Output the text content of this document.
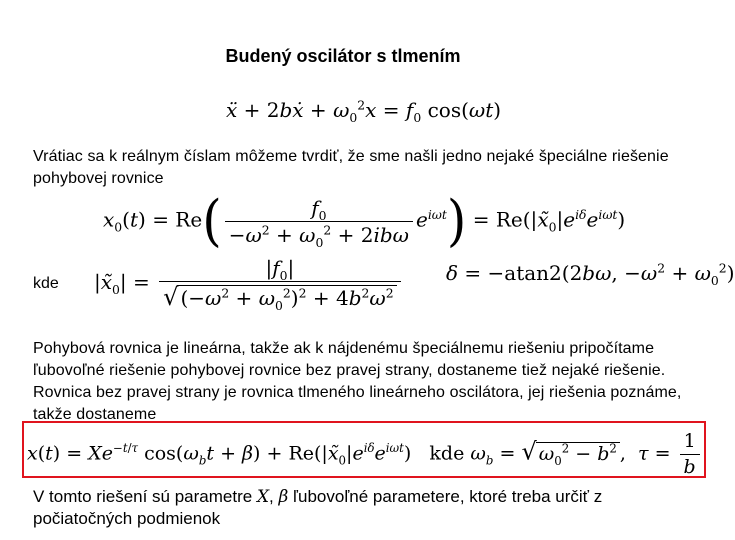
Budený oscilátor s tlmením
ẍ + 2bẋ + $\omega_0^2x = f_0$ cos(ωt)
Vrátiac sa k reálnym číslam môžeme tvrdiť, že sme našli jedno nejaké špeciálne riešenie pohybovej rovnice
$x_0(t) = Re( \frac{f_0}{-\omega^2 + \omega_0^2 + 2ib\omega} e^{i\omega t})$ = $Re(|x̃_0|e^{i\delta}e^{i\omega t})$
kde $|x̃_0| = \frac{|f_0|}{√ (-\omega^2 + \omega_0^2)^2 + 4b^2\omega^2}$ δ = −atan2(2bω, $-\omega^2 + \omega_0^2$)
Pohybová rovnica je lineárna, takže ak k nájdenému špeciálnemu riešeniu pripočítame ľubovoľné riešenie pohybovej rovnice bez pravej strany, dostaneme tiež nejaké riešenie. Rovnica bez pravej strany je rovnica tlmeného lineárneho oscilátora, jej riešenia poznáme, takže dostaneme
$x(t) = Xe^{-t/\tau}$ $\cos(\omega_bt + \beta)$ + $Re(|x̃_0|e^{i\delta}e^{i\omega t})$   kde $\omega_b$ = √ $\omega_0^2 - b^2$ ,  $\tau = \frac{1}{b}$
V tomto riešení sú parametre X, β ľubovoľné parametere, ktoré treba určiť z
počiatočných podmienok
